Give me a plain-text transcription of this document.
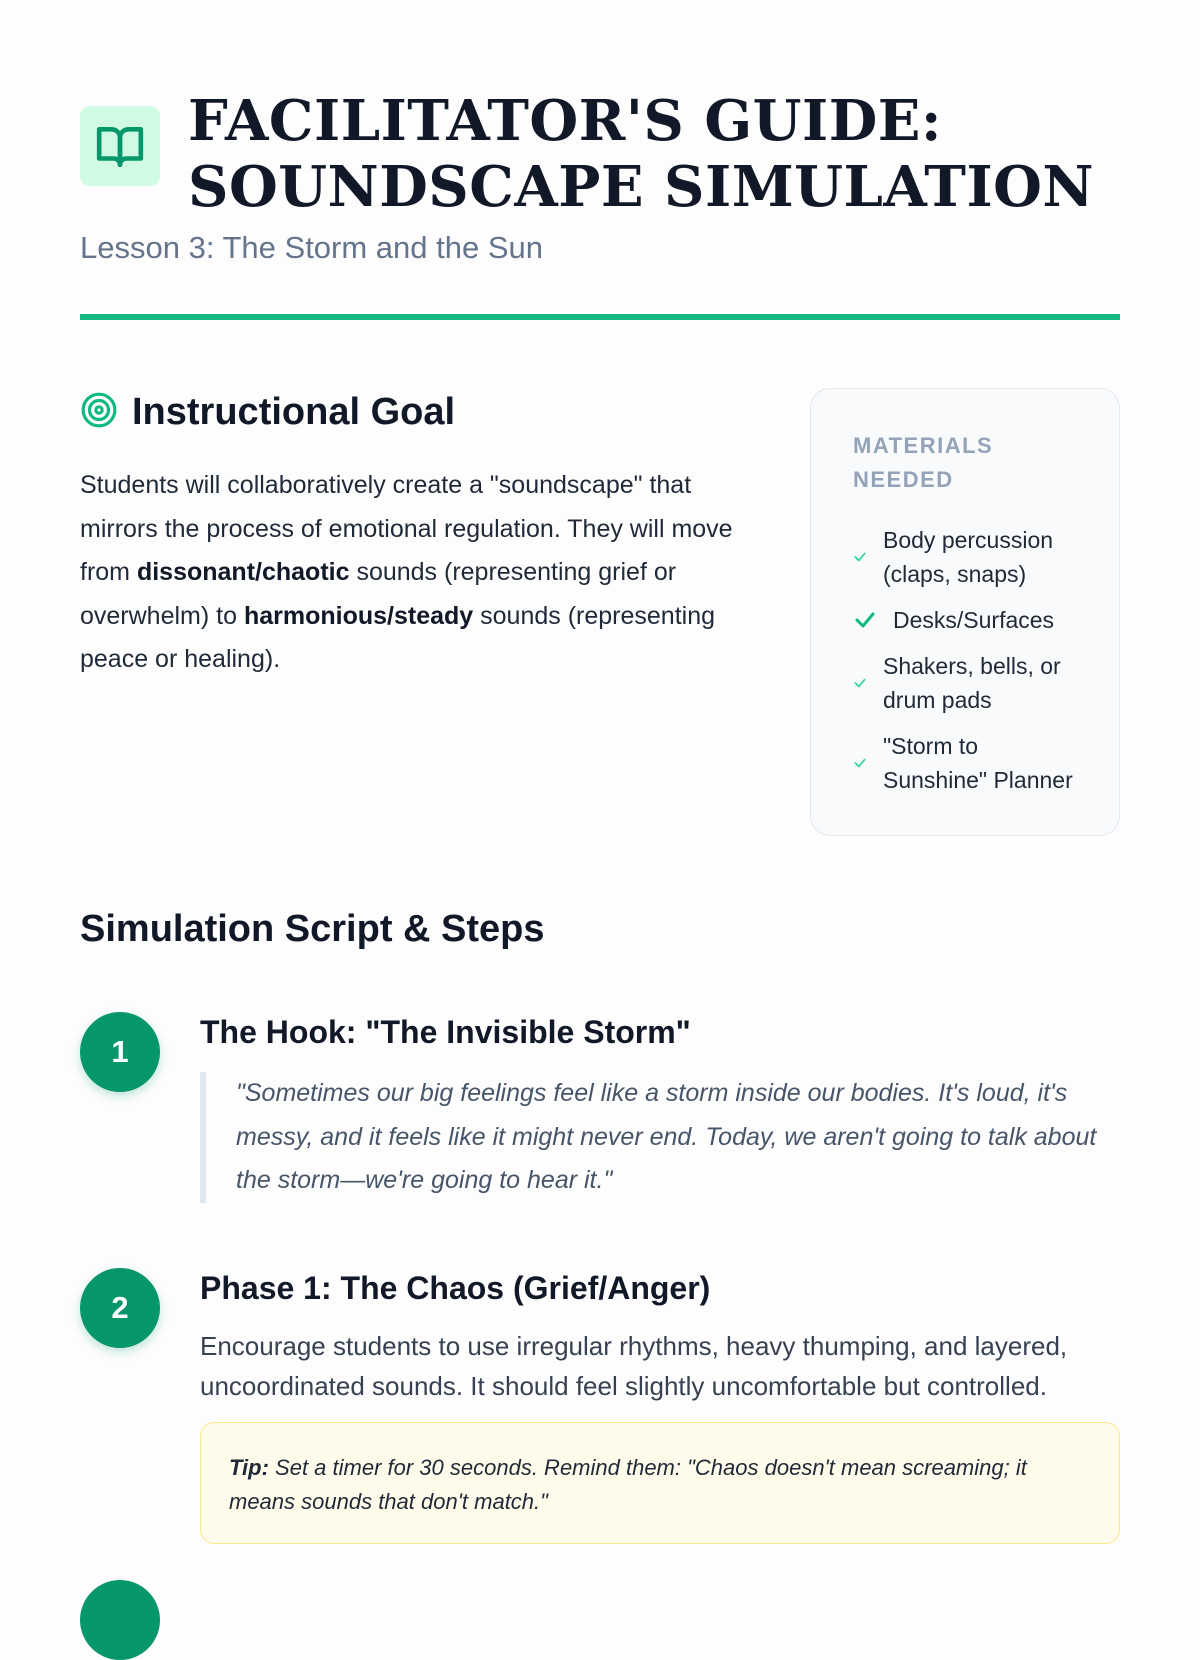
FACILITATOR'S GUIDE:
SOUNDSCAPE SIMULATION

Lesson 3: The Storm and the Sun

Instructional Goal

Students will collaboratively create a "soundscape" that mirrors the process of emotional regulation. They will move from dissonant/chaotic sounds (representing grief or overwhelm) to harmonious/steady sounds (representing peace or healing).

MATERIALS NEEDED
Body percussion (claps, snaps)
Desks/Surfaces
Shakers, bells, or drum pads
"Storm to Sunshine" Planner
Simulation Script & Steps
1
The Hook: "The Invisible Storm"
"Sometimes our big feelings feel like a storm inside our bodies. It's loud, it's messy, and it feels like it might never end. Today, we aren't going to talk about the storm—we're going to hear it."
2
Phase 1: The Chaos (Grief/Anger)

Encourage students to use irregular rhythms, heavy thumping, and layered, uncoordinated sounds. It should feel slightly uncomfortable but controlled.

Tip: Set a timer for 30 seconds. Remind them: "Chaos doesn't mean screaming; it means sounds that don't match."
